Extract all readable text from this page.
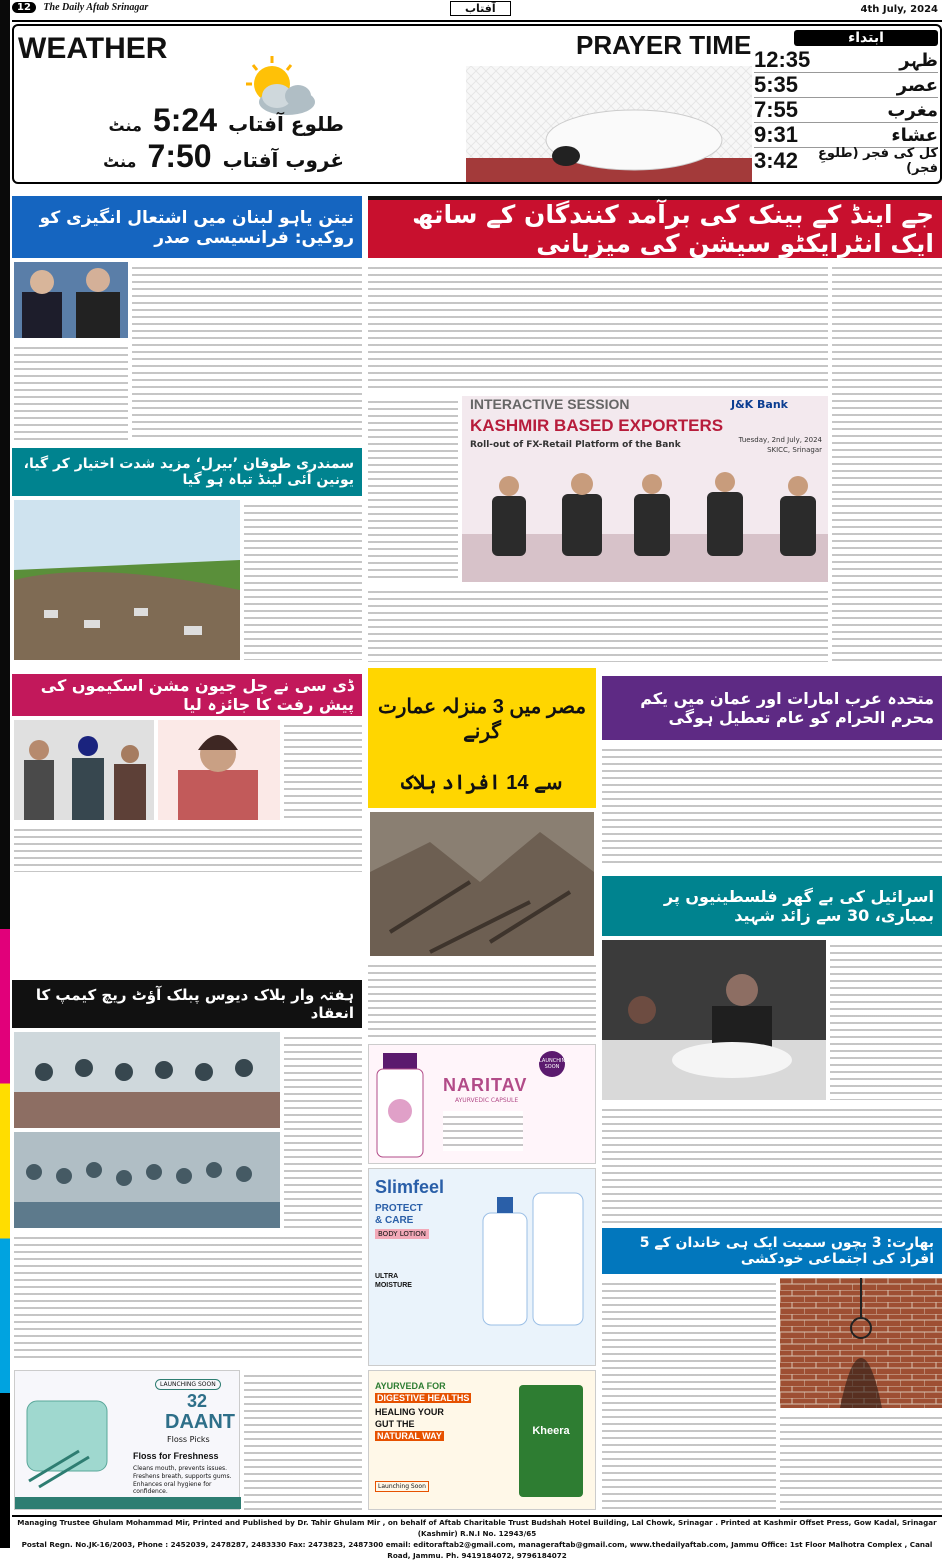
12 The Daily Aftab Srinagar	آفتاب	4th July, 2024
WEATHER
طلوع آفتاب 5:24 منٹ
غروب آفتاب 7:50 منٹ
PRAYER TIME	ابتداء
12:35	ظہر
5:35	عصر
7:55	مغرب
9:31	عشاء
3:42	کل کی فجر (طلوعِ فجر)
جے اینڈ کے بینک کی برآمد کنندگان کے ساتھ ایک انٹرایکٹو سیشن کی میزبانی
INTERACTIVE SESSION
KASHMIR BASED EXPORTERS
Roll-out of FX-Retail Platform of the Bank	Tuesday, 2nd July, 2024
SKICC, Srinagar
J&K Bank
نیتن یاہو لبنان میں اشتعال انگیزی کو روکیں: فرانسیسی صدر
سمندری طوفان ’بیرل‘ مزید شدت اختیار کر گیا، یونین آئی لینڈ تباہ ہو گیا
ڈی سی نے جل جیون مشن اسکیموں کی پیش رفت کا جائزہ لیا
ہفتہ وار بلاک دیوس پبلک آؤٹ ریچ کیمپ کا انعقاد
LAUNCHING SOON
32
DAANT
Floss Picks
Floss for Freshness
Cleans mouth, prevents issues.
Freshens breath, supports gums.
Enhances oral hygiene for confidence.
مصر میں 3 منزلہ عمارت گرنے
سے 14 افراد ہلاک
NARITAV
AYURVEDIC CAPSULE
LAUNCHING SOON
Slimfeel
PROTECT
& CARE
BODY LOTION
ULTRA
MOISTURE
AYURVEDA FOR
DIGESTIVE HEALTHS
HEALING YOUR
GUT THE
NATURAL WAY
Launching Soon
Kheera
متحدہ عرب امارات اور عمان میں یکم محرم الحرام کو عام تعطیل ہوگی
اسرائیل کی بے گھر فلسطینیوں پر بمباری، 30 سے زائد شہید
بھارت: 3 بچوں سمیت ایک ہی خاندان کے 5 افراد کی اجتماعی خودکشی
Managing Trustee Ghulam Mohammad Mir, Printed and Published by Dr. Tahir Ghulam Mir , on behalf of Aftab Charitable Trust Budshah Hotel Building, Lal Chowk, Srinagar . Printed at Kashmir Offset Press, Gow Kadal, Srinagar (Kashmir) R.N.I No. 12943/65
Postal Regn. No.JK-16/2003, Phone : 2452039, 2478287, 2483330 Fax: 2473823, 2487300 email: editoraftab2@gmail.com, manageraftab@gmail.com, www.thedailyaftab.com, Jammu Office: 1st Floor Malhotra Complex , Canal Road, Jammu. Ph. 9419184072, 9796184072
